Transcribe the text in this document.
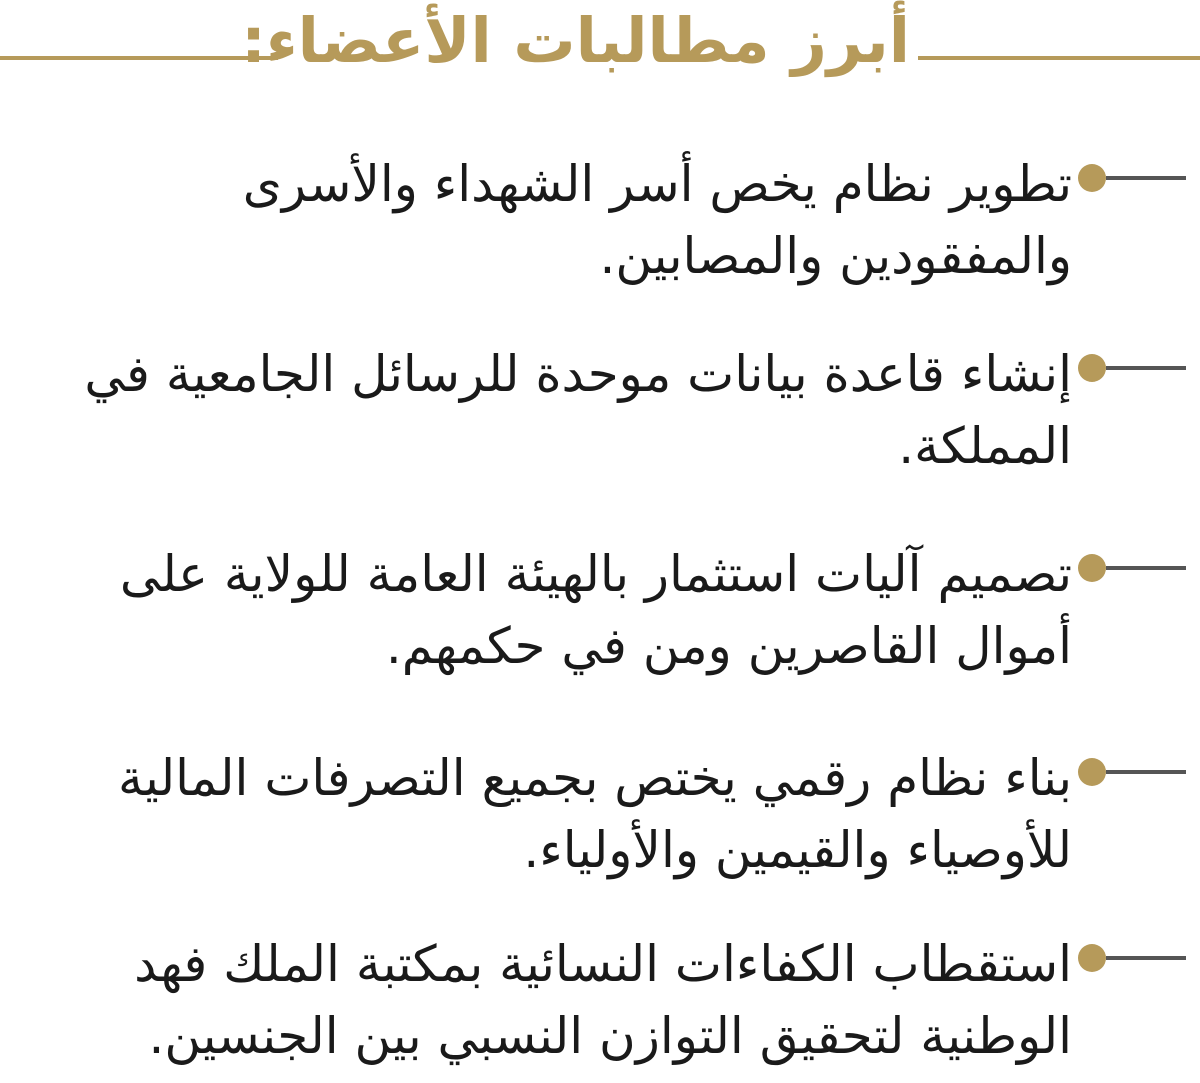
أبرز مطالبات الأعضاء:
تطوير نظام يخص أسر الشهداء والأسرى والمفقودين والمصابين.
إنشاء قاعدة بيانات موحدة للرسائل الجامعية في المملكة.
تصميم آليات استثمار بالهيئة العامة للولاية على أموال القاصرين ومن في حكمهم.
بناء نظام رقمي يختص بجميع التصرفات المالية للأوصياء والقيمين والأولياء.
استقطاب الكفاءات النسائية بمكتبة الملك فهد الوطنية لتحقيق التوازن النسبي بين الجنسين.
